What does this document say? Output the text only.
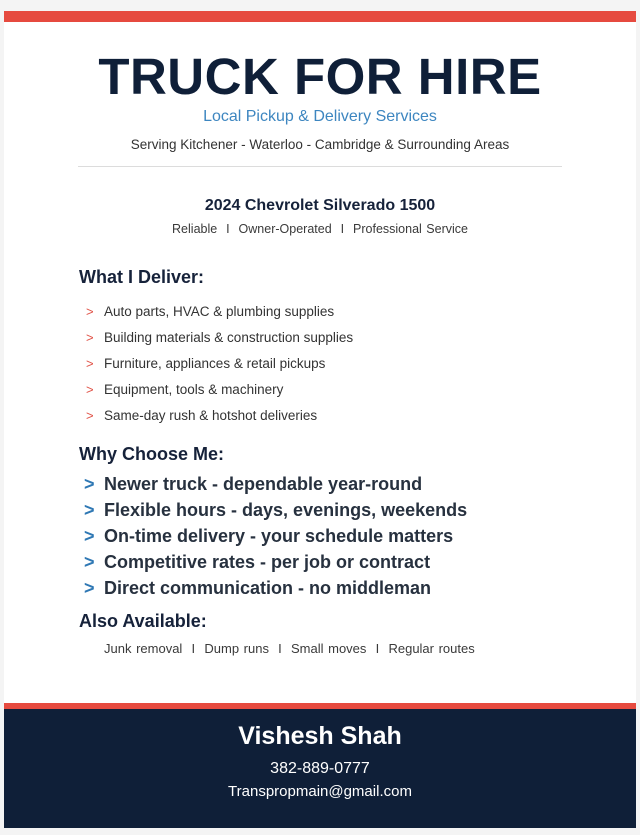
TRUCK FOR HIRE
Local Pickup & Delivery Services
Serving Kitchener - Waterloo - Cambridge & Surrounding Areas
2024 Chevrolet Silverado 1500
Reliable  I  Owner-Operated  I  Professional Service
What I Deliver:
> Auto parts, HVAC & plumbing supplies
> Building materials & construction supplies
> Furniture, appliances & retail pickups
> Equipment, tools & machinery
> Same-day rush & hotshot deliveries
Why Choose Me:
> Newer truck - dependable year-round
> Flexible hours - days, evenings, weekends
> On-time delivery - your schedule matters
> Competitive rates - per job or contract
> Direct communication - no middleman
Also Available:
Junk removal  I  Dump runs  I  Small moves  I  Regular routes
Vishesh Shah
382-889-0777
Transpropmain@gmail.com
